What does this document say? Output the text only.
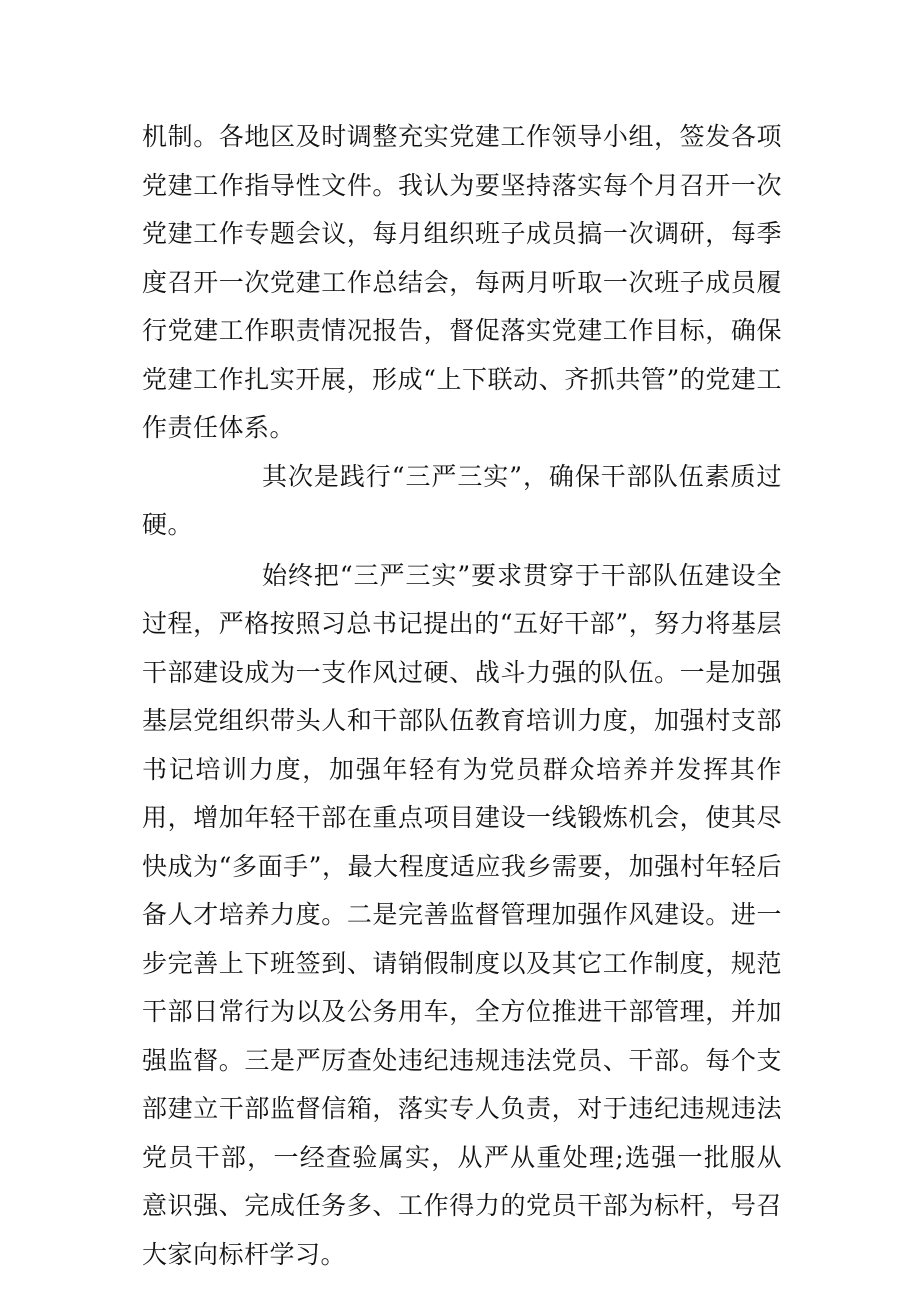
机制。各地区及时调整充实党建工作领导小组，签发各项党建工作指导性文件。我认为要坚持落实每个月召开一次党建工作专题会议，每月组织班子成员搞一次调研，每季度召开一次党建工作总结会，每两月听取一次班子成员履行党建工作职责情况报告，督促落实党建工作目标，确保党建工作扎实开展，形成“上下联动、齐抓共管”的党建工作责任体系。

其次是践行“三严三实”，确保干部队伍素质过硬。

始终把“三严三实”要求贯穿于干部队伍建设全过程，严格按照习总书记提出的“五好干部”，努力将基层干部建设成为一支作风过硬、战斗力强的队伍。一是加强基层党组织带头人和干部队伍教育培训力度，加强村支部书记培训力度，加强年轻有为党员群众培养并发挥其作用，增加年轻干部在重点项目建设一线锻炼机会，使其尽快成为“多面手”，最大程度适应我乡需要，加强村年轻后备人才培养力度。二是完善监督管理加强作风建设。进一步完善上下班签到、请销假制度以及其它工作制度，规范干部日常行为以及公务用车，全方位推进干部管理，并加强监督。三是严厉查处违纪违规违法党员、干部。每个支部建立干部监督信箱，落实专人负责，对于违纪违规违法党员干部，一经查验属实，从严从重处理;选强一批服从意识强、完成任务多、工作得力的党员干部为标杆，号召大家向标杆学习。
